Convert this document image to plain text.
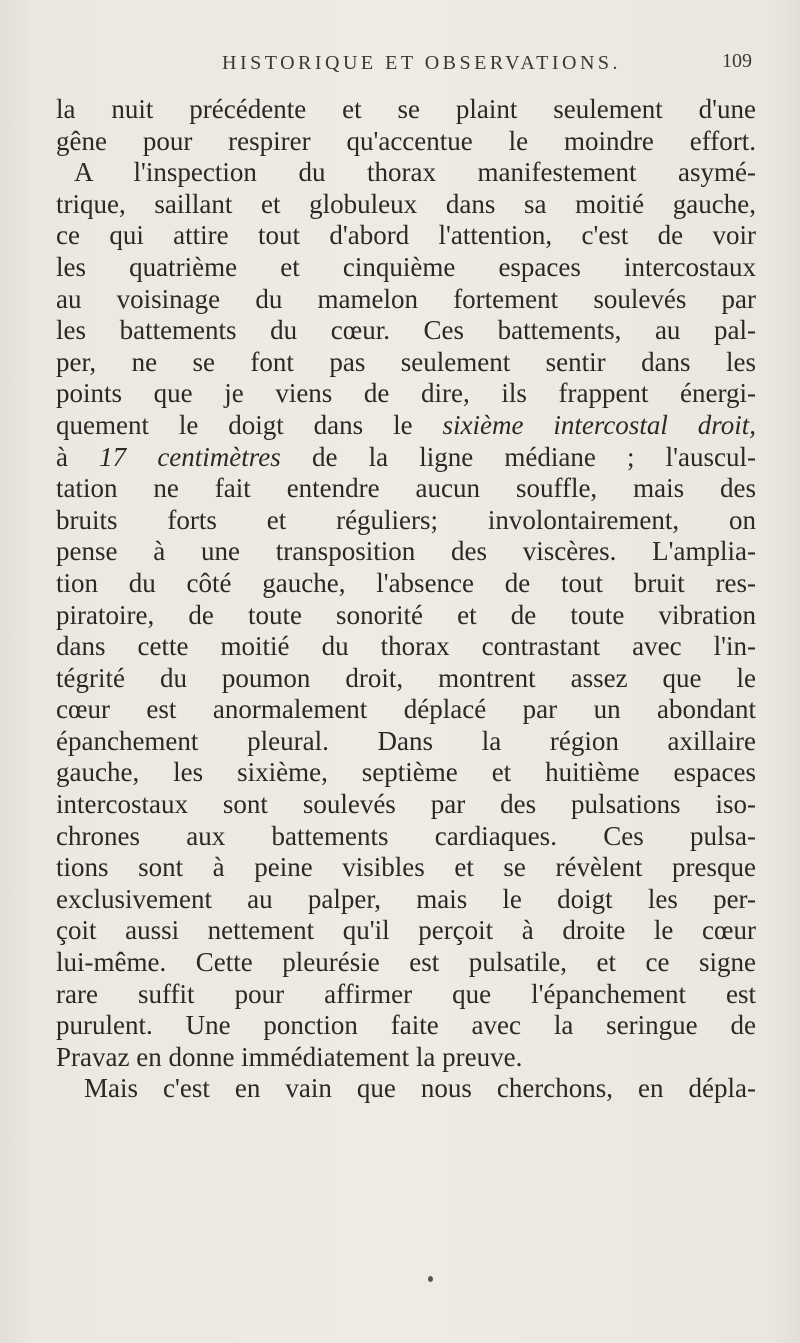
HISTORIQUE ET OBSERVATIONS.	109
la nuit précédente et se plaint seulement d'une
gêne pour respirer qu'accentue le moindre effort.
A l'inspection du thorax manifestement asymé-
trique, saillant et globuleux dans sa moitié gauche,
ce qui attire tout d'abord l'attention, c'est de voir
les quatrième et cinquième espaces intercostaux
au voisinage du mamelon fortement soulevés par
les battements du cœur. Ces battements, au pal-
per, ne se font pas seulement sentir dans les
points que je viens de dire, ils frappent énergi-
quement le doigt dans le sixième intercostal droit,
à 17 centimètres de la ligne médiane ; l'auscul-
tation ne fait entendre aucun souffle, mais des
bruits forts et réguliers; involontairement, on
pense à une transposition des viscères. L'amplia-
tion du côté gauche, l'absence de tout bruit res-
piratoire, de toute sonorité et de toute vibration
dans cette moitié du thorax contrastant avec l'in-
tégrité du poumon droit, montrent assez que le
cœur est anormalement déplacé par un abondant
épanchement pleural. Dans la région axillaire
gauche, les sixième, septième et huitième espaces
intercostaux sont soulevés par des pulsations iso-
chrones aux battements cardiaques. Ces pulsa-
tions sont à peine visibles et se révèlent presque
exclusivement au palper, mais le doigt les per-
çoit aussi nettement qu'il perçoit à droite le cœur
lui-même. Cette pleurésie est pulsatile, et ce signe
rare suffit pour affirmer que l'épanchement est
purulent. Une ponction faite avec la seringue de
Pravaz en donne immédiatement la preuve.
Mais c'est en vain que nous cherchons, en dépla-
